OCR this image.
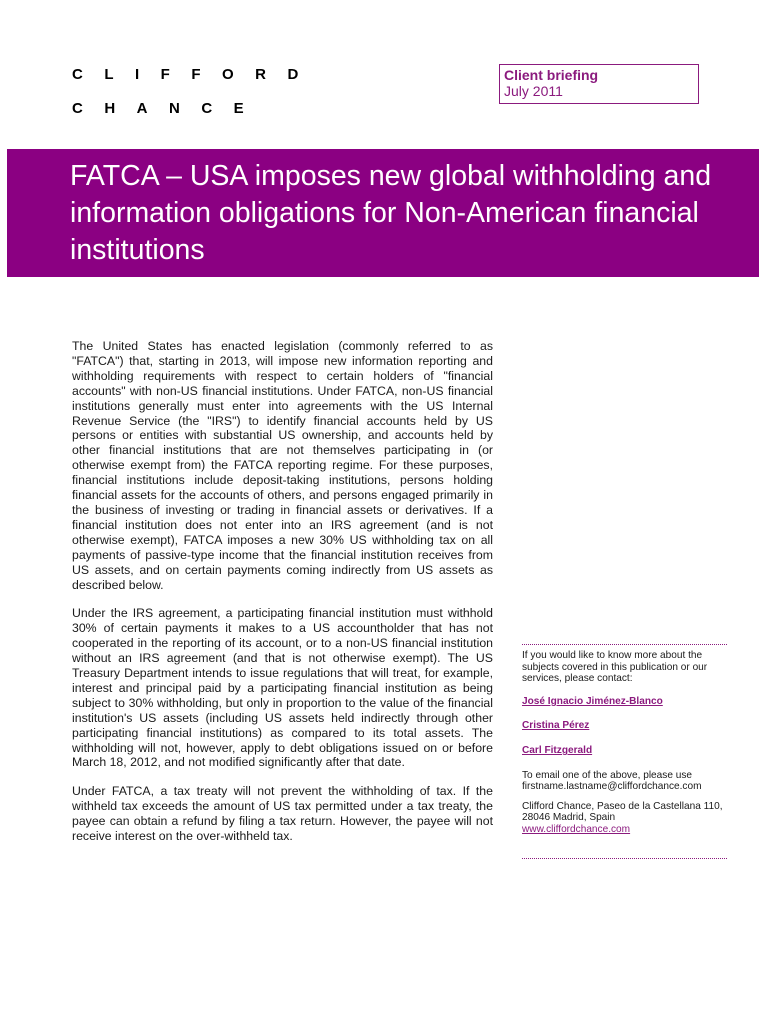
CLIFFORD
CHANCE
Client briefing
July 2011
FATCA – USA imposes new global withholding and information obligations for Non-American financial institutions

The United States has enacted legislation (commonly referred to as "FATCA") that, starting in 2013, will impose new information reporting and withholding requirements with respect to certain holders of "financial accounts" with non-US financial institutions. Under FATCA, non-US financial institutions generally must enter into agreements with the US Internal Revenue Service (the "IRS") to identify financial accounts held by US persons or entities with substantial US ownership, and accounts held by other financial institutions that are not themselves participating in (or otherwise exempt from) the FATCA reporting regime. For these purposes, financial institutions include deposit-taking institutions, persons holding financial assets for the accounts of others, and persons engaged primarily in the business of investing or trading in financial assets or derivatives. If a financial institution does not enter into an IRS agreement (and is not otherwise exempt), FATCA imposes a new 30% US withholding tax on all payments of passive-type income that the financial institution receives from US assets, and on certain payments coming indirectly from US assets as described below.

Under the IRS agreement, a participating financial institution must withhold 30% of certain payments it makes to a US accountholder that has not cooperated in the reporting of its account, or to a non-US financial institution without an IRS agreement (and that is not otherwise exempt). The US Treasury Department intends to issue regulations that will treat, for example, interest and principal paid by a participating financial institution as being subject to 30% withholding, but only in proportion to the value of the financial institution's US assets (including US assets held indirectly through other participating financial institutions) as compared to its total assets. The withholding will not, however, apply to debt obligations issued on or before March 18, 2012, and not modified significantly after that date.

Under FATCA, a tax treaty will not prevent the withholding of tax. If the withheld tax exceeds the amount of US tax permitted under a tax treaty, the payee can obtain a refund by filing a tax return. However, the payee will not receive interest on the over-withheld tax.

If you would like to know more about the subjects covered in this publication or our services, please contact:
José Ignacio Jiménez-Blanco
Cristina Pérez
Carl Fitzgerald
To email one of the above, please use firstname.lastname@cliffordchance.com
Clifford Chance, Paseo de la Castellana 110, 28046 Madrid, Spain
www.cliffordchance.com
